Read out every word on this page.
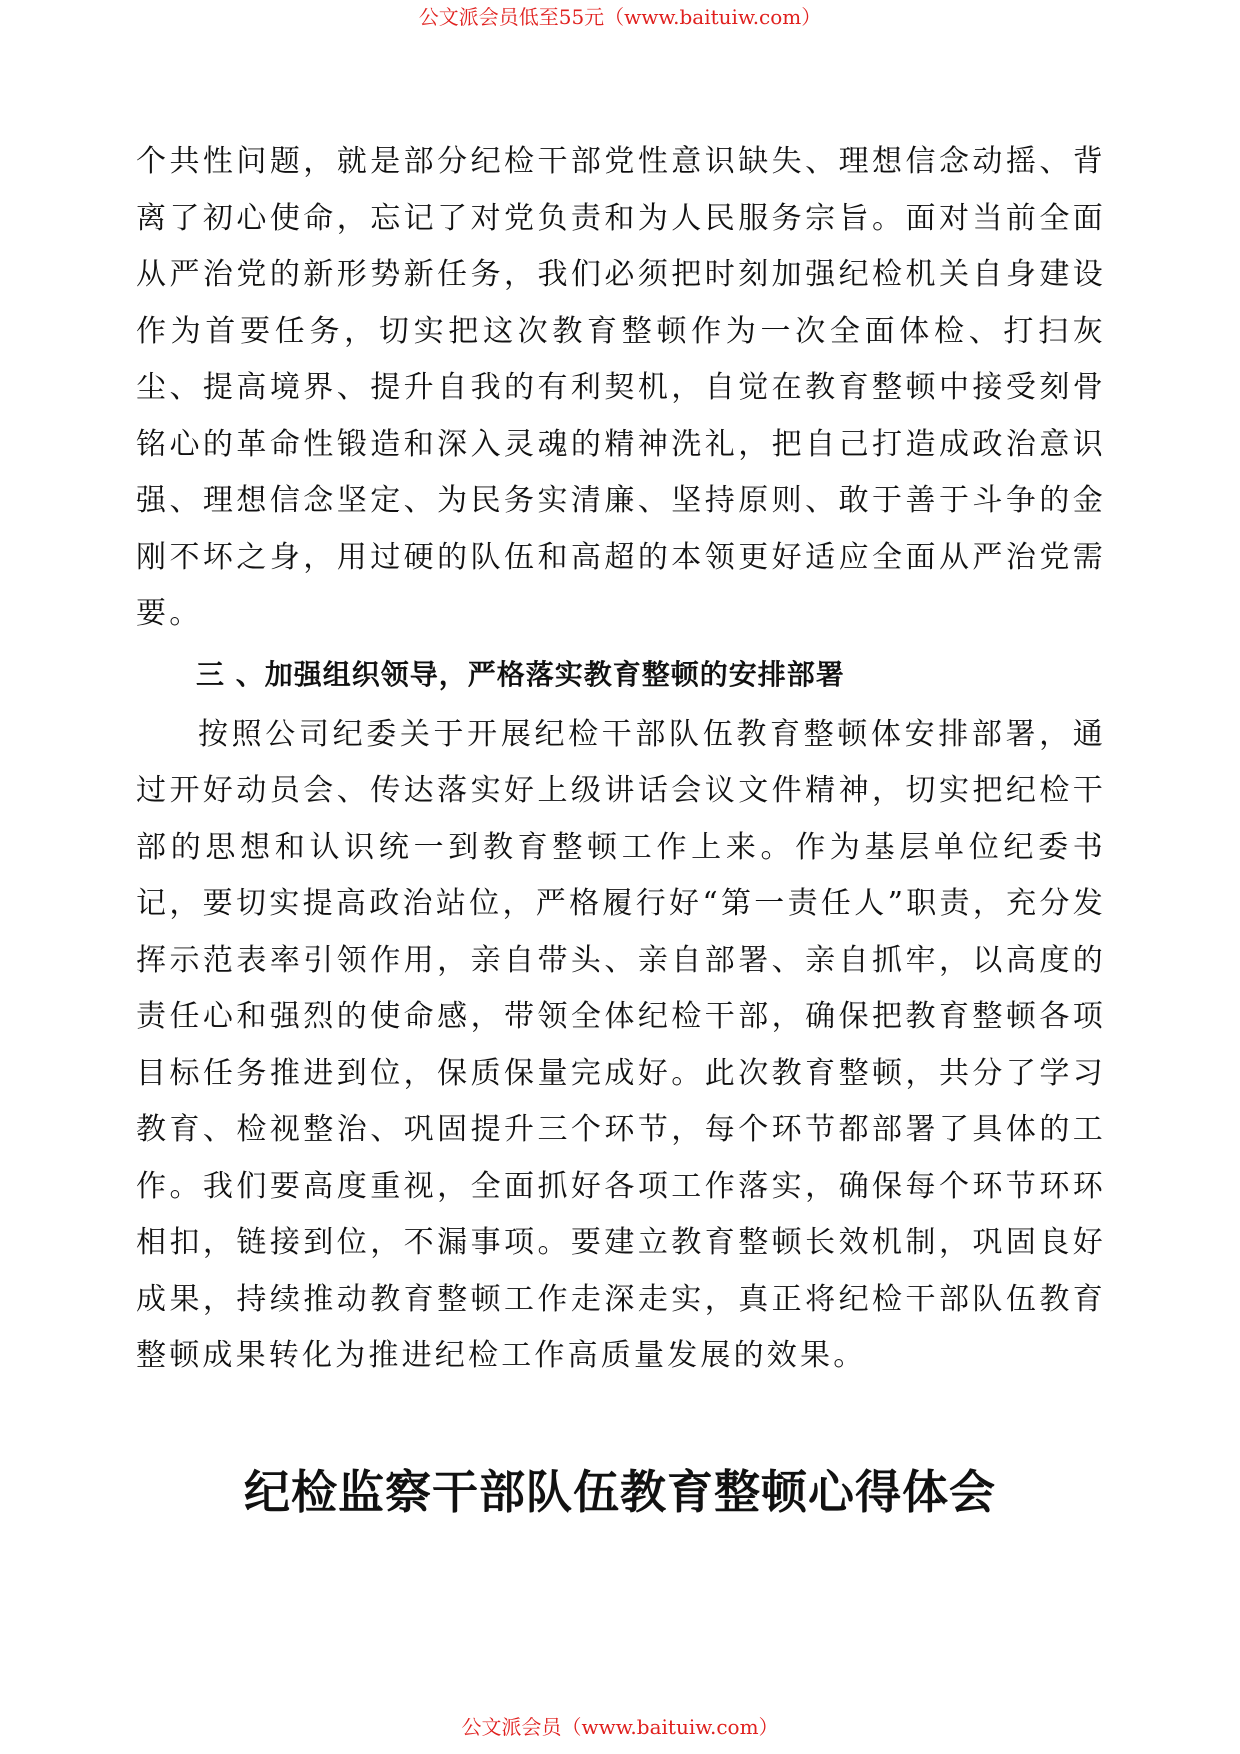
公文派会员低至55元（www.baituiw.com）

个共性问题，就是部分纪检干部党性意识缺失、理想信念动摇、背离了初心使命，忘记了对党负责和为人民服务宗旨。面对当前全面从严治党的新形势新任务，我们必须把时刻加强纪检机关自身建设作为首要任务，切实把这次教育整顿作为一次全面体检、打扫灰尘、提高境界、提升自我的有利契机，自觉在教育整顿中接受刻骨铭心的革命性锻造和深入灵魂的精神洗礼，把自己打造成政治意识强、理想信念坚定、为民务实清廉、坚持原则、敢于善于斗争的金刚不坏之身，用过硬的队伍和高超的本领更好适应全面从严治党需要。

三 、加强组织领导，严格落实教育整顿的安排部署

按照公司纪委关于开展纪检干部队伍教育整顿体安排部署，通过开好动员会、传达落实好上级讲话会议文件精神，切实把纪检干部的思想和认识统一到教育整顿工作上来。作为基层单位纪委书记，要切实提高政治站位，严格履行好“第一责任人”职责，充分发挥示范表率引领作用，亲自带头、亲自部署、亲自抓牢，以高度的责任心和强烈的使命感，带领全体纪检干部，确保把教育整顿各项目标任务推进到位，保质保量完成好。此次教育整顿，共分了学习教育、检视整治、巩固提升三个环节，每个环节都部署了具体的工作。我们要高度重视，全面抓好各项工作落实，确保每个环节环环相扣，链接到位，不漏事项。要建立教育整顿长效机制，巩固良好成果，持续推动教育整顿工作走深走实，真正将纪检干部队伍教育整顿成果转化为推进纪检工作高质量发展的效果。

纪检监察干部队伍教育整顿心得体会
公文派会员（www.baituiw.com）
